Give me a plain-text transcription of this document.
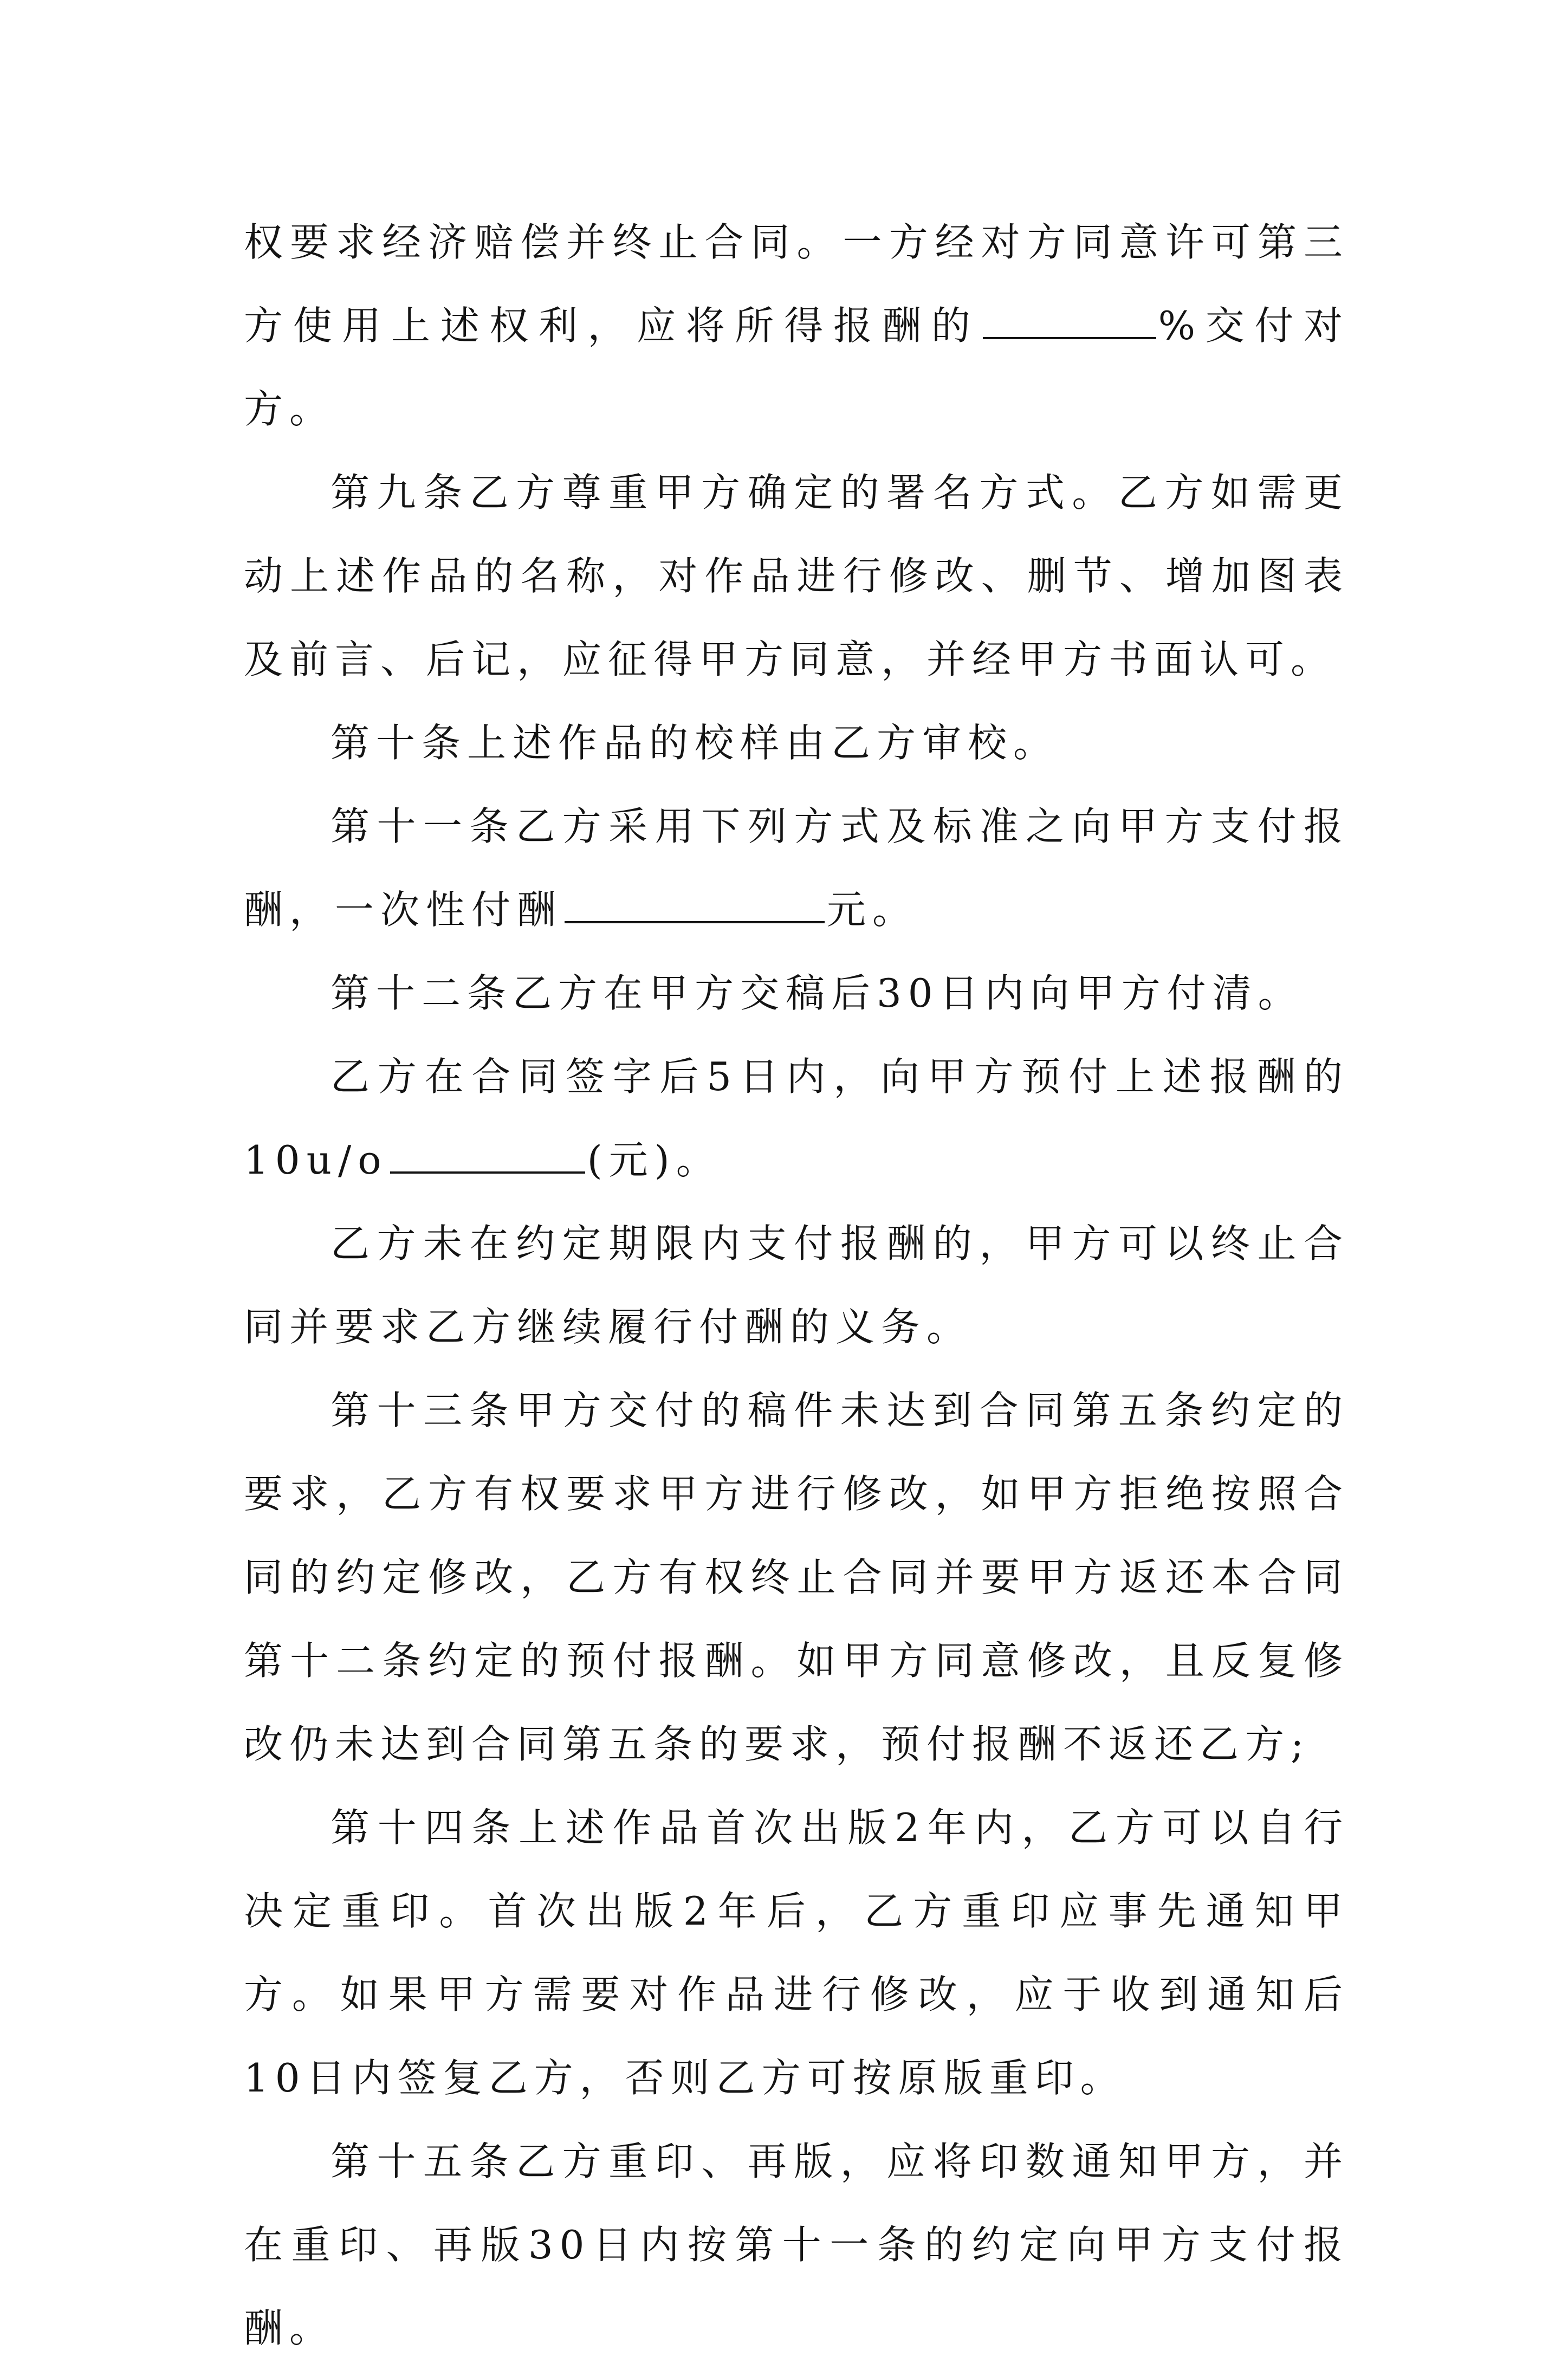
权要求经济赔偿并终止合同。一方经对方同意许可第三方使用上述权利，应将所得报酬的	%交付对方。

第九条乙方尊重甲方确定的署名方式。乙方如需更动上述作品的名称，对作品进行修改、删节、增加图表及前言、后记，应征得甲方同意，并经甲方书面认可。

第十条上述作品的校样由乙方审校。

第十一条乙方采用下列方式及标准之向甲方支付报酬，一次性付酬	元。

第十二条乙方在甲方交稿后30日内向甲方付清。

乙方在合同签字后5日内，向甲方预付上述报酬的10u/o	(元)。

乙方未在约定期限内支付报酬的，甲方可以终止合同并要求乙方继续履行付酬的义务。

第十三条甲方交付的稿件未达到合同第五条约定的要求，乙方有权要求甲方进行修改，如甲方拒绝按照合同的约定修改，乙方有权终止合同并要甲方返还本合同第十二条约定的预付报酬。如甲方同意修改，且反复修改仍未达到合同第五条的要求，预付报酬不返还乙方;

第十四条上述作品首次出版2年内，乙方可以自行决定重印。首次出版2年后，乙方重印应事先通知甲方。如果甲方需要对作品进行修改，应于收到通知后10日内签复乙方，否则乙方可按原版重印。

第十五条乙方重印、再版，应将印数通知甲方，并在重印、再版30日内按第十一条的约定向甲方支付报酬。
